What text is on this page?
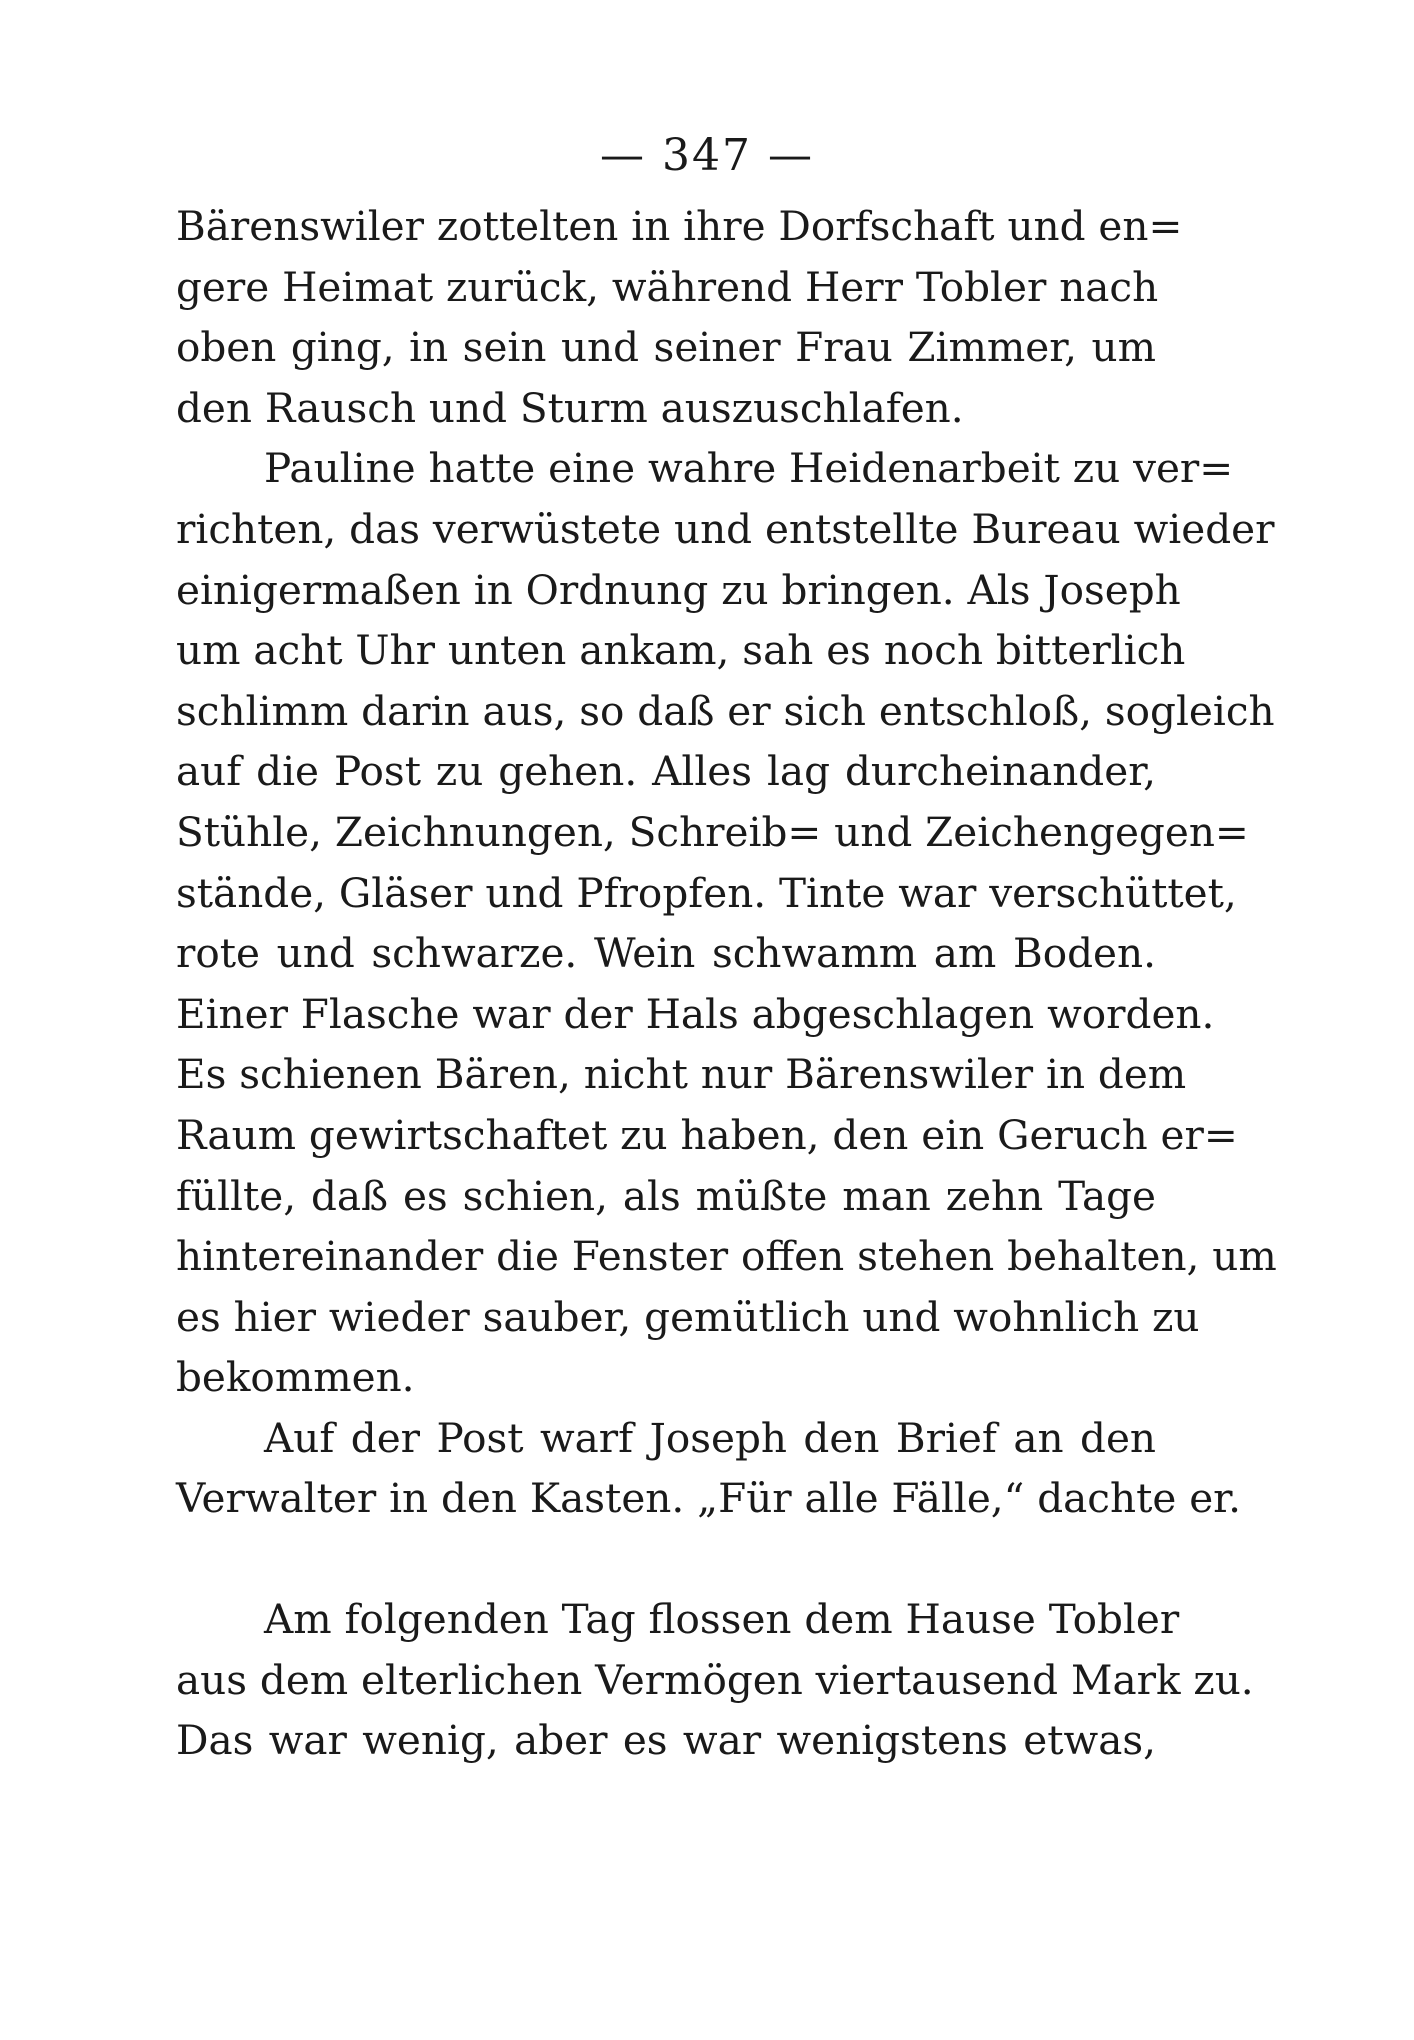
— 347 —
Bärenswiler zottelten in ihre Dorfschaft und en=
gere Heimat zurück, während Herr Tobler nach
oben ging, in sein und seiner Frau Zimmer, um
den Rausch und Sturm auszuschlafen.
Pauline hatte eine wahre Heidenarbeit zu ver=
richten, das verwüstete und entstellte Bureau wieder
einigermaßen in Ordnung zu bringen. Als Joseph
um acht Uhr unten ankam, sah es noch bitterlich
schlimm darin aus, so daß er sich entschloß, sogleich
auf die Post zu gehen. Alles lag durcheinander,
Stühle, Zeichnungen, Schreib= und Zeichengegen=
stände, Gläser und Pfropfen. Tinte war verschüttet,
rote und schwarze. Wein schwamm am Boden.
Einer Flasche war der Hals abgeschlagen worden.
Es schienen Bären, nicht nur Bärenswiler in dem
Raum gewirtschaftet zu haben, den ein Geruch er=
füllte, daß es schien, als müßte man zehn Tage
hintereinander die Fenster offen stehen behalten, um
es hier wieder sauber, gemütlich und wohnlich zu
bekommen.
Auf der Post warf Joseph den Brief an den
Verwalter in den Kasten. „Für alle Fälle,“ dachte er.
Am folgenden Tag flossen dem Hause Tobler
aus dem elterlichen Vermögen viertausend Mark zu.
Das war wenig, aber es war wenigstens etwas,
